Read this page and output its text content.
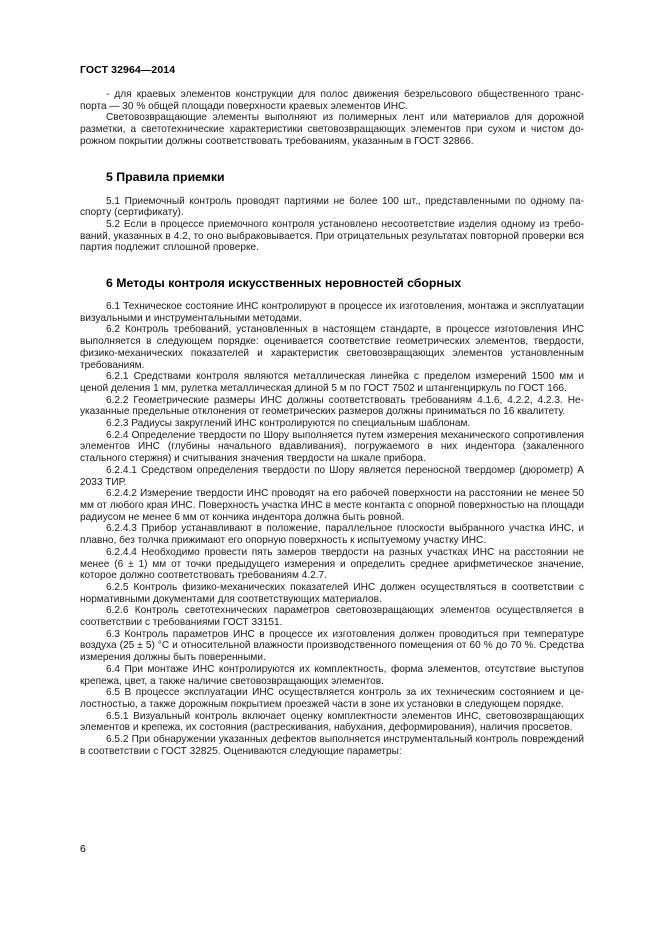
ГОСТ 32964—2014

- для краевых элементов конструкции для полос движения безрельсового общественного транспорта — 30 % общей площади поверхности краевых элементов ИНС.

Световозвращающие элементы выполняют из полимерных лент или материалов для дорожной разметки, а светотехнические характеристики световозвращающих элементов при сухом и чистом дорожном покрытии должны соответствовать требованиям, указанным в ГОСТ 32866.

5 Правила приемки

5.1 Приемочный контроль проводят партиями не более 100 шт., представленными по одному паспорту (сертификату).

5.2 Если в процессе приемочного контроля установлено несоответствие изделия одному из требований, указанных в 4.2, то оно выбраковывается. При отрицательных результатах повторной проверки вся партия подлежит сплошной проверке.

6 Методы контроля искусственных неровностей сборных

6.1 Техническое состояние ИНС контролируют в процессе их изготовления, монтажа и эксплуатации визуальными и инструментальными методами.

6.2 Контроль требований, установленных в настоящем стандарте, в процессе изготовления ИНС выполняется в следующем порядке: оценивается соответствие геометрических элементов, твердости, физико-механических показателей и характеристик световозвращающих элементов установленным требованиям.

6.2.1 Средствами контроля являются металлическая линейка с пределом измерений 1500 мм и ценой деления 1 мм, рулетка металлическая длиной 5 м по ГОСТ 7502 и штангенциркуль по ГОСТ 166.

6.2.2 Геометрические размеры ИНС должны соответствовать требованиям 4.1.6, 4.2.2, 4.2.3. Неуказанные предельные отклонения от геометрических размеров должны приниматься по 16 квалитету.

6.2.3 Радиусы закруглений ИНС контролируются по специальным шаблонам.

6.2.4 Определение твердости по Шору выполняется путем измерения механического сопротивления элементов ИНС (глубины начального вдавливания), погружаемого в них индентора (закаленного стального стержня) и считывания значения твердости на шкале прибора.

6.2.4.1 Средством определения твердости по Шору является переносной твердомер (дюрометр) А 2033 ТИР.

6.2.4.2 Измерение твердости ИНС проводят на его рабочей поверхности на расстоянии не менее 50 мм от любого края ИНС. Поверхность участка ИНС в месте контакта с опорной поверхностью на площади радиусом не менее 6 мм от кончика индентора должна быть ровной.

6.2.4.3 Прибор устанавливают в положение, параллельное плоскости выбранного участка ИНС, и плавно, без толчка прижимают его опорную поверхность к испытуемому участку ИНС.

6.2.4.4 Необходимо провести пять замеров твердости на разных участках ИНС на расстоянии не менее (6 ± 1) мм от точки предыдущего измерения и определить среднее арифметическое значение, которое должно соответствовать требованиям 4.2.7.

6.2.5 Контроль физико-механических показателей ИНС должен осуществляться в соответствии с нормативными документами для соответствующих материалов.

6.2.6 Контроль светотехнических параметров световозвращающих элементов осуществляется в соответствии с требованиями ГОСТ 33151.

6.3 Контроль параметров ИНС в процессе их изготовления должен проводиться при температуре воздуха (25 ± 5) °С и относительной влажности производственного помещения от 60 % до 70 %. Средства измерения должны быть поверенными.

6.4 При монтаже ИНС контролируются их комплектность, форма элементов, отсутствие выступов крепежа, цвет, а также наличие световозвращающих элементов.

6.5 В процессе эксплуатации ИНС осуществляется контроль за их техническим состоянием и целостностью, а также дорожным покрытием проезжей части в зоне их установки в следующем порядке.

6.5.1 Визуальный контроль включает оценку комплектности элементов ИНС, световозвращающих элементов и крепежа, их состояния (растрескивания, набухания, деформирования), наличия просветов.

6.5.2 При обнаружении указанных дефектов выполняется инструментальный контроль повреждений в соответствии с ГОСТ 32825. Оцениваются следующие параметры:

6
